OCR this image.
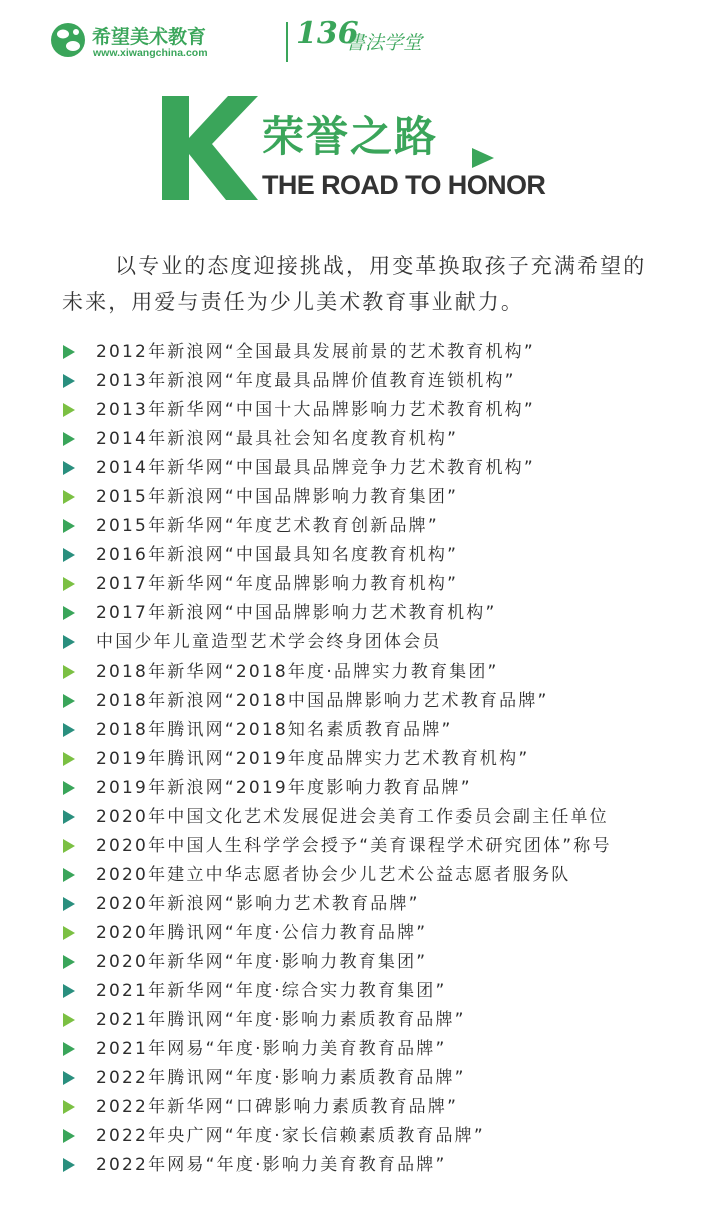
希望美术教育
www.xiwangchina.com
136
書法学堂
荣誉之路
THE ROAD TO HONOR

以专业的态度迎接挑战，用变革换取孩子充满希望的未来，用爱与责任为少儿美术教育事业献力。

2012年新浪网“全国最具发展前景的艺术教育机构”
2013年新浪网“年度最具品牌价值教育连锁机构”
2013年新华网“中国十大品牌影响力艺术教育机构”
2014年新浪网“最具社会知名度教育机构”
2014年新华网“中国最具品牌竞争力艺术教育机构”
2015年新浪网“中国品牌影响力教育集团”
2015年新华网“年度艺术教育创新品牌”
2016年新浪网“中国最具知名度教育机构”
2017年新华网“年度品牌影响力教育机构”
2017年新浪网“中国品牌影响力艺术教育机构”
中国少年儿童造型艺术学会终身团体会员
2018年新华网“2018年度·品牌实力教育集团”
2018年新浪网“2018中国品牌影响力艺术教育品牌”
2018年腾讯网“2018知名素质教育品牌”
2019年腾讯网“2019年度品牌实力艺术教育机构”
2019年新浪网“2019年度影响力教育品牌”
2020年中国文化艺术发展促进会美育工作委员会副主任单位
2020年中国人生科学学会授予“美育课程学术研究团体”称号
2020年建立中华志愿者协会少儿艺术公益志愿者服务队
2020年新浪网“影响力艺术教育品牌”
2020年腾讯网“年度·公信力教育品牌”
2020年新华网“年度·影响力教育集团”
2021年新华网“年度·综合实力教育集团”
2021年腾讯网“年度·影响力素质教育品牌”
2021年网易“年度·影响力美育教育品牌”
2022年腾讯网“年度·影响力素质教育品牌”
2022年新华网“口碑影响力素质教育品牌”
2022年央广网“年度·家长信赖素质教育品牌”
2022年网易“年度·影响力美育教育品牌”
